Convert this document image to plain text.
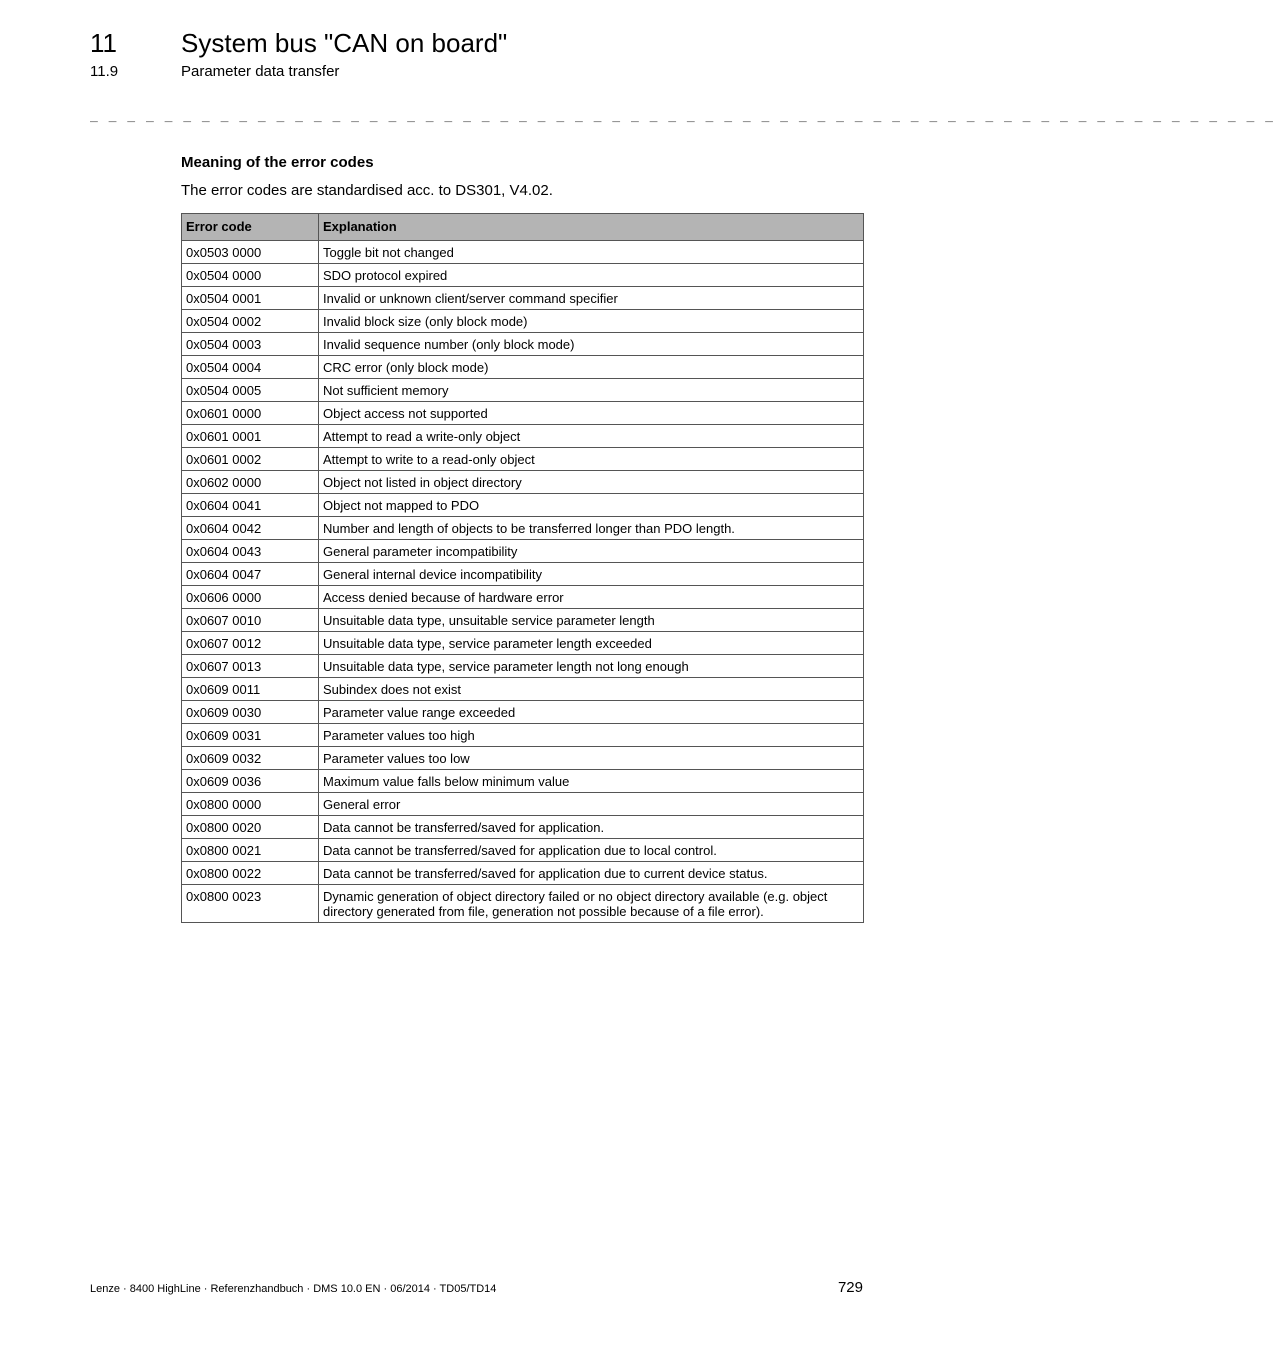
11 System bus "CAN on board"
11.9	Parameter data transfer
_ _ _ _ _ _ _ _ _ _ _ _ _ _ _ _ _ _ _ _ _ _ _ _ _ _ _ _ _ _ _ _ _ _ _ _ _ _ _ _ _ _ _ _ _ _ _ _ _ _ _ _ _ _ _ _ _ _ _ _ _ _ _ _
Meaning of the error codes
The error codes are standardised acc. to DS301, V4.02.
Error code	Explanation
0x0503 0000	Toggle bit not changed
0x0504 0000	SDO protocol expired
0x0504 0001	Invalid or unknown client/server command specifier
0x0504 0002	Invalid block size (only block mode)
0x0504 0003	Invalid sequence number (only block mode)
0x0504 0004	CRC error (only block mode)
0x0504 0005	Not sufficient memory
0x0601 0000	Object access not supported
0x0601 0001	Attempt to read a write-only object
0x0601 0002	Attempt to write to a read-only object
0x0602 0000	Object not listed in object directory
0x0604 0041	Object not mapped to PDO
0x0604 0042	Number and length of objects to be transferred longer than PDO length.
0x0604 0043	General parameter incompatibility
0x0604 0047	General internal device incompatibility
0x0606 0000	Access denied because of hardware error
0x0607 0010	Unsuitable data type, unsuitable service parameter length
0x0607 0012	Unsuitable data type, service parameter length exceeded
0x0607 0013	Unsuitable data type, service parameter length not long enough
0x0609 0011	Subindex does not exist
0x0609 0030	Parameter value range exceeded
0x0609 0031	Parameter values too high
0x0609 0032	Parameter values too low
0x0609 0036	Maximum value falls below minimum value
0x0800 0000	General error
0x0800 0020	Data cannot be transferred/saved for application.
0x0800 0021	Data cannot be transferred/saved for application due to local control.
0x0800 0022	Data cannot be transferred/saved for application due to current device status.
0x0800 0023	Dynamic generation of object directory failed or no object directory available (e.g. object directory generated from file, generation not possible because of a file error).
Lenze · 8400 HighLine · Referenzhandbuch · DMS 10.0 EN · 06/2014 · TD05/TD14	729
